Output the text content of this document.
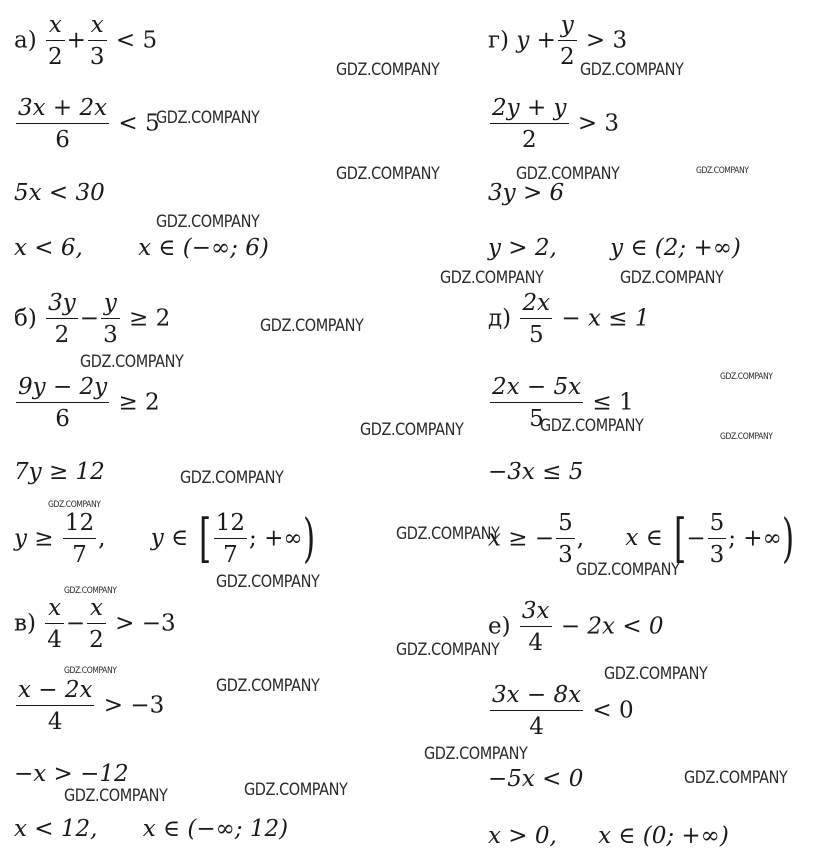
$а) \frac{x}{2} + \frac{x}{3} < 5$
$\frac{3x + 2x}{6} < 5$
5x < 30
x < 6, x ∈ (−∞; 6)
$б) \frac{3y}{2} - \frac{y}{3} \ge 2$
$\frac{9y - 2y}{6} \ge 2$
7y ≥ 12
$y \ge \frac{12}{7}$ , y ∈ [ $\frac{12}{7}$ ; +∞)
$в) \frac{x}{4} - \frac{x}{2} > -3$
$\frac{x - 2x}{4} > -3$
−x > −12
x < 12, x ∈ (−∞; 12)
г) $y + \frac{y}{2} > 3$
$\frac{2y + y}{2} > 3$
3y > 6
y > 2, y ∈ (2; +∞)
$д) \frac{2x}{5} - x \le 1$
$\frac{2x - 5x}{5} \le 1$
−3x ≤ 5
x ≥ − $\frac{5}{3}$ , x ∈ [− $\frac{5}{3}$ ; +∞)
$е) \frac{3x}{4} - 2x < 0$
$\frac{3x - 8x}{4} < 0$
−5x < 0
x > 0, x ∈ (0; +∞)
GDZ.COMPANY	GDZ.COMPANY
GDZ.COMPANY
GDZ.COMPANY	GDZ.COMPANY	GDZ.COMPANY
GDZ.COMPANY
GDZ.COMPANY	GDZ.COMPANY
GDZ.COMPANY
GDZ.COMPANY
GDZ.COMPANY
GDZ.COMPANY
GDZ.COMPANY	GDZ.COMPANY
GDZ.COMPANY
GDZ.COMPANY
GDZ.COMPANY
GDZ.COMPANY
GDZ.COMPANY
GDZ.COMPANY
GDZ.COMPANY
GDZ.COMPANY	GDZ.COMPANY
GDZ.COMPANY
GDZ.COMPANY
GDZ.COMPANY
GDZ.COMPANY
GDZ.COMPANY
